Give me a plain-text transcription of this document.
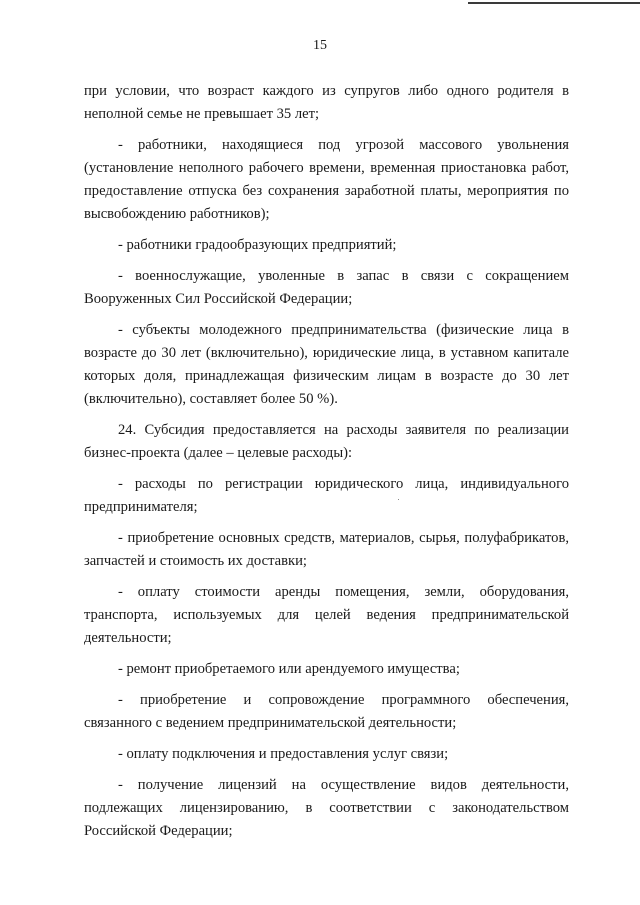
15

при условии, что возраст каждого из супругов либо одного родителя в неполной семье не превышает 35 лет;

- работники, находящиеся под угрозой массового увольнения (установление неполного рабочего времени, временная приостановка работ, предоставление отпуска без сохранения заработной платы, мероприятия по высвобождению работников);

- работники градообразующих предприятий;

- военнослужащие, уволенные в запас в связи с сокращением Вооруженных Сил Российской Федерации;

- субъекты молодежного предпринимательства (физические лица в возрасте до 30 лет (включительно), юридические лица, в уставном капитале которых доля, принадлежащая физическим лицам в возрасте до 30 лет (включительно), составляет более 50 %).

24. Субсидия предоставляется на расходы заявителя по реализации бизнес-проекта (далее – целевые расходы):

- расходы по регистрации юридического лица, индивидуального предпринимателя;

- приобретение основных средств, материалов, сырья, полуфабрикатов, запчастей и стоимость их доставки;

- оплату стоимости аренды помещения, земли, оборудования, транспорта, используемых для целей ведения предпринимательской деятельности;

- ремонт приобретаемого или арендуемого имущества;

- приобретение и сопровождение программного обеспечения, связанного с ведением предпринимательской деятельности;

- оплату подключения и предоставления услуг связи;

- получение лицензий на осуществление видов деятельности, подлежащих лицензированию, в соответствии с законодательством Российской Федерации;
